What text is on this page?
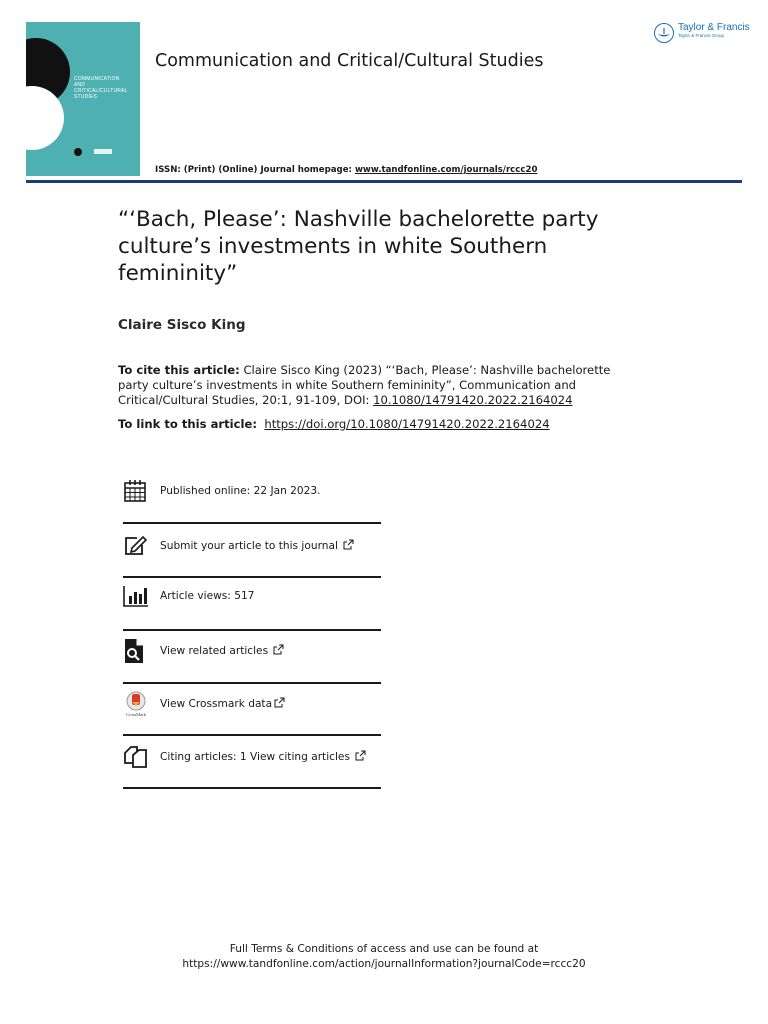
COMMUNICATION
AND
CRITICAL/CULTURAL
STUDIES
Taylor & Francis
Taylor & Francis Group
Communication and Critical/Cultural Studies
ISSN: (Print) (Online) Journal homepage: www.tandfonline.com/journals/rccc20
“‘Bach, Please’: Nashville bachelorette party culture’s investments in white Southern femininity”
Claire Sisco King
To cite this article: Claire Sisco King (2023) “‘Bach, Please’: Nashville bachelorette party culture’s investments in white Southern femininity”, Communication and Critical/Cultural Studies, 20:1, 91-109, DOI: 10.1080/14791420.2022.2164024
To link to this article: https://doi.org/10.1080/14791420.2022.2164024
Published online: 22 Jan 2023.
Submit your article to this journal
Article views: 517
View related articles
CrossMark
View Crossmark data
Citing articles: 1 View citing articles
Full Terms & Conditions of access and use can be found at
https://www.tandfonline.com/action/journalInformation?journalCode=rccc20
